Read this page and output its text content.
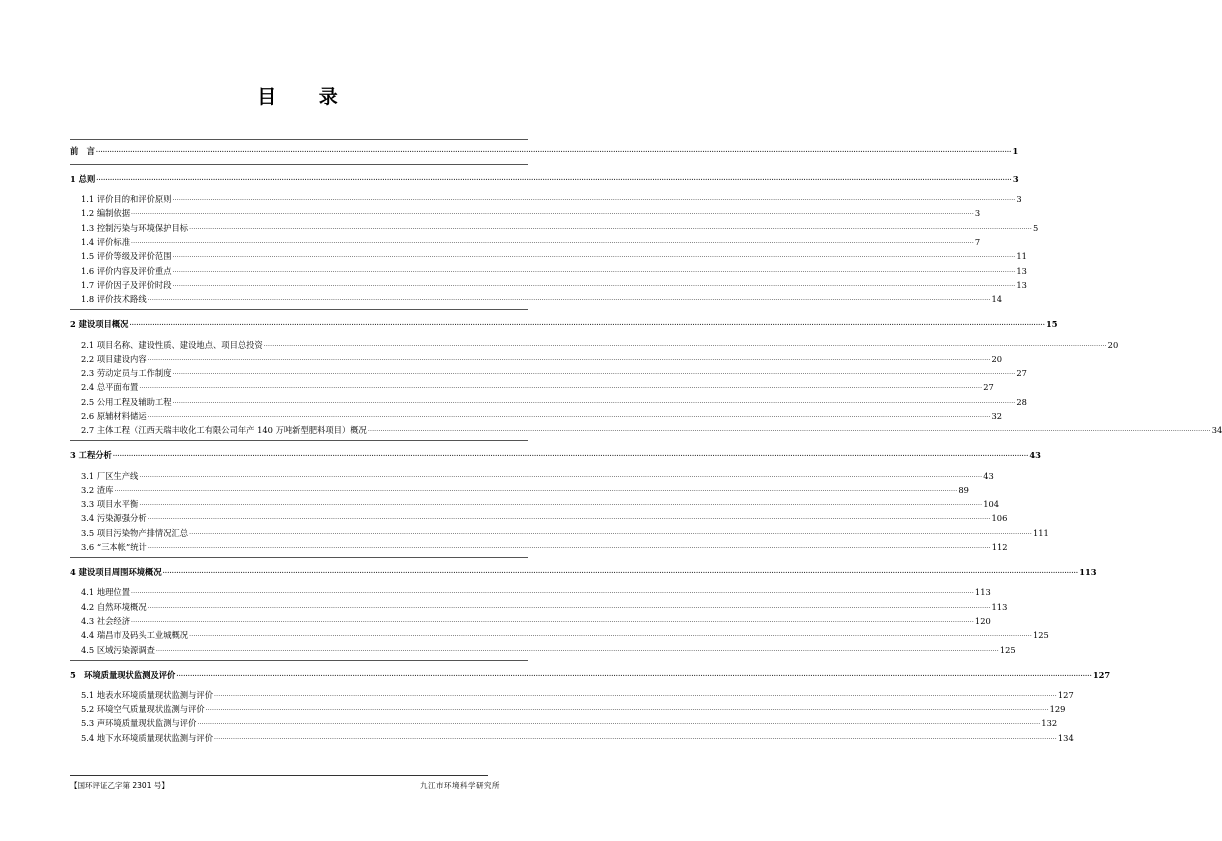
目 录
前　言 ................................................................................................................................................................................................................................................................................................................................................................................................................ 1
1 总则 ................................................................................................................................................................................................................................................................................................................................................................................................................ 3
1.1 评价目的和评价原则 ................................................................................................................................................................................................................................................................................................................................................................................................................ 3
1.2 编制依据 ................................................................................................................................................................................................................................................................................................................................................................................................................ 3
1.3 控制污染与环境保护目标 ................................................................................................................................................................................................................................................................................................................................................................................................................ 5
1.4 评价标准 ................................................................................................................................................................................................................................................................................................................................................................................................................ 7
1.5 评价等级及评价范围 ................................................................................................................................................................................................................................................................................................................................................................................................................ 11
1.6 评价内容及评价重点 ................................................................................................................................................................................................................................................................................................................................................................................................................ 13
1.7 评价因子及评价时段 ................................................................................................................................................................................................................................................................................................................................................................................................................ 13
1.8 评价技术路线 ................................................................................................................................................................................................................................................................................................................................................................................................................ 14
2 建设项目概况 ................................................................................................................................................................................................................................................................................................................................................................................................................ 15
2.1 项目名称、建设性质、建设地点、项目总投资 ................................................................................................................................................................................................................................................................................................................................................................................................................ 20
2.2 项目建设内容 ................................................................................................................................................................................................................................................................................................................................................................................................................ 20
2.3 劳动定员与工作制度 ................................................................................................................................................................................................................................................................................................................................................................................................................ 27
2.4 总平面布置 ................................................................................................................................................................................................................................................................................................................................................................................................................ 27
2.5 公用工程及辅助工程 ................................................................................................................................................................................................................................................................................................................................................................................................................ 28
2.6 原辅材料储运 ................................................................................................................................................................................................................................................................................................................................................................................................................ 32
2.7 主体工程（江西天瑞丰收化工有限公司年产 140 万吨新型肥料项目）概况 ................................................................................................................................................................................................................................................................................................................................................................................................................ 34
3 工程分析 ................................................................................................................................................................................................................................................................................................................................................................................................................ 43
3.1 厂区生产线 ................................................................................................................................................................................................................................................................................................................................................................................................................ 43
3.2 渣库 ................................................................................................................................................................................................................................................................................................................................................................................................................ 89
3.3 项目水平衡 ................................................................................................................................................................................................................................................................................................................................................................................................................ 104
3.4 污染源强分析 ................................................................................................................................................................................................................................................................................................................................................................................................................ 106
3.5 项目污染物产排情况汇总 ................................................................................................................................................................................................................................................................................................................................................................................................................ 111
3.6 “三本帐”统计 ................................................................................................................................................................................................................................................................................................................................................................................................................ 112
4 建设项目周围环境概况 ................................................................................................................................................................................................................................................................................................................................................................................................................ 113
4.1 地理位置 ................................................................................................................................................................................................................................................................................................................................................................................................................ 113
4.2 自然环境概况 ................................................................................................................................................................................................................................................................................................................................................................................................................ 113
4.3 社会经济 ................................................................................................................................................................................................................................................................................................................................................................................................................ 120
4.4 瑞昌市及码头工业城概况 ................................................................................................................................................................................................................................................................................................................................................................................................................ 125
4.5 区域污染源调查 ................................................................................................................................................................................................................................................................................................................................................................................................................ 125
5　环境质量现状监测及评价 ................................................................................................................................................................................................................................................................................................................................................................................................................ 127
5.1 地表水环境质量现状监测与评价 ................................................................................................................................................................................................................................................................................................................................................................................................................ 127
5.2 环境空气质量现状监测与评价 ................................................................................................................................................................................................................................................................................................................................................................................................................ 129
5.3 声环境质量现状监测与评价 ................................................................................................................................................................................................................................................................................................................................................................................................................ 132
5.4 地下水环境质量现状监测与评价 ................................................................................................................................................................................................................................................................................................................................................................................................................ 134
【国环评证乙字第 2301 号】	九江市环境科学研究所
